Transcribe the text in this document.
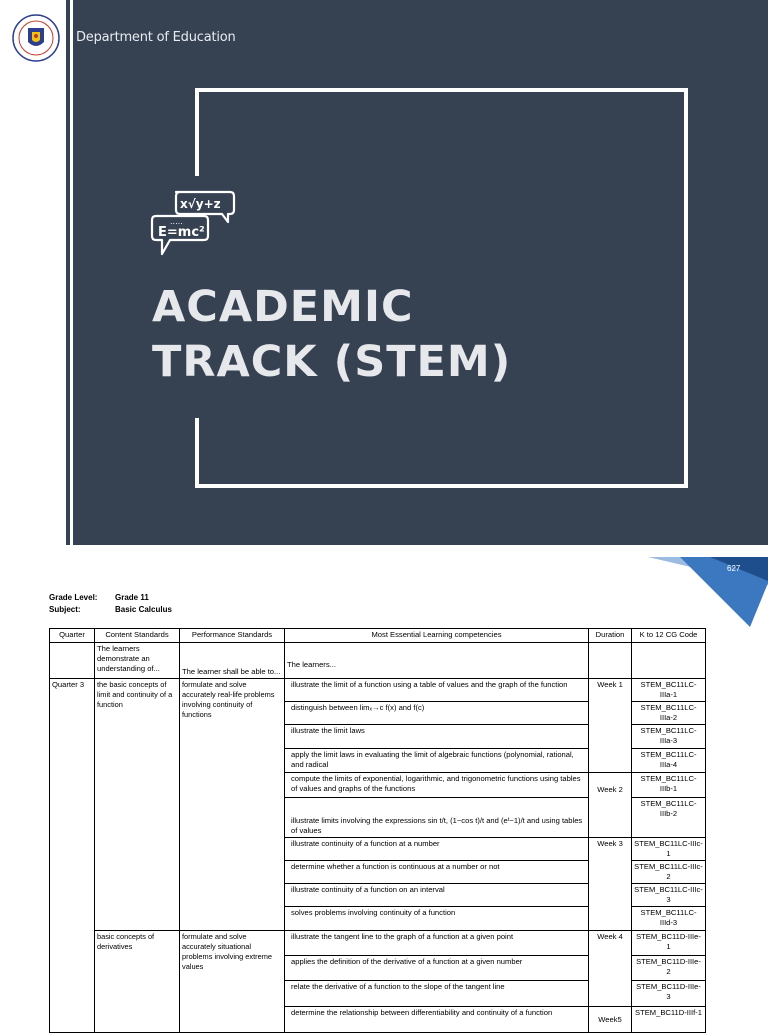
Department of Education
x√y+z
E=mc²
.....
ACADEMIC
TRACK (STEM)
627
Grade Level:	Grade 11
Subject:	Basic Calculus
Quarter	Content Standards	Performance Standards	Most Essential Learning competencies	Duration	K to 12 CG Code
	The learners demonstrate an understanding of...	The learner shall be able to...	The learners...		
Quarter 3	the basic concepts of limit and continuity of a function	formulate and solve accurately real-life problems involving continuity of functions	illustrate the limit of a function using a table of values and the graph of the function	Week 1	STEM_BC11LC-IIIa-1
			distinguish between limₓ→c f(x) and f(c)		STEM_BC11LC-IIIa-2
			illustrate the limit laws		STEM_BC11LC-IIIa-3
			apply the limit laws in evaluating the limit of algebraic functions (polynomial, rational, and radical		STEM_BC11LC-IIIa-4
			compute the limits of exponential, logarithmic, and trigonometric functions using tables of values and graphs of the functions	Week 2	STEM_BC11LC-IIIb-1
			illustrate limits involving the expressions sin t/t, (1−cos t)/t and (eᵗ−1)/t and using tables of values		STEM_BC11LC-IIIb-2
			illustrate continuity of a function at a number	Week 3	STEM_BC11LC-IIIc-1
			determine whether a function is continuous at a number or not		STEM_BC11LC-IIIc-2
			illustrate continuity of a function on an interval		STEM_BC11LC-IIIc-3
			solves problems involving continuity of a function		STEM_BC11LC-IIId-3
	basic concepts of derivatives	formulate and solve accurately situational problems involving extreme values	illustrate the tangent line to the graph of a function at a given point	Week 4	STEM_BC11D-IIIe-1
			applies the definition of the derivative of a function at a given number		STEM_BC11D-IIIe-2
			relate the derivative of a function to the slope of the tangent line		STEM_BC11D-IIIe-3
			determine the relationship between differentiability and continuity of a function	Week5	STEM_BC11D-IIIf-1
